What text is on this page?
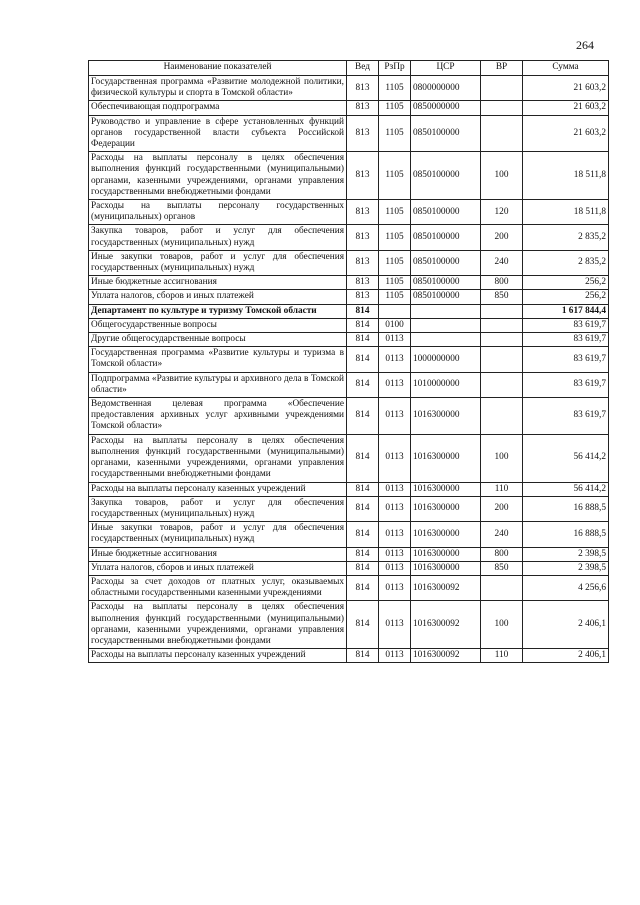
264
Наименование показателей	Вед	РзПр	ЦСР	ВР	Сумма
Государственная программа «Развитие молодежной политики, физической культуры и спорта в Томской области»	813	1105	0800000000		21 603,2
Обеспечивающая подпрограмма	813	1105	0850000000		21 603,2
Руководство и управление в сфере установленных функций органов государственной власти субъекта Российской Федерации	813	1105	0850100000		21 603,2
Расходы на выплаты персоналу в целях обеспечения выполнения функций государственными (муниципальными) органами, казенными учреждениями, органами управления государственными внебюджетными фондами	813	1105	0850100000	100	18 511,8
Расходы на выплаты персоналу государственных (муниципальных) органов	813	1105	0850100000	120	18 511,8
Закупка товаров, работ и услуг для обеспечения государственных (муниципальных) нужд	813	1105	0850100000	200	2 835,2
Иные закупки товаров, работ и услуг для обеспечения государственных (муниципальных) нужд	813	1105	0850100000	240	2 835,2
Иные бюджетные ассигнования	813	1105	0850100000	800	256,2
Уплата налогов, сборов и иных платежей	813	1105	0850100000	850	256,2
Департамент по культуре и туризму Томской области	814				1 617 844,4
Общегосударственные вопросы	814	0100			83 619,7
Другие общегосударственные вопросы	814	0113			83 619,7
Государственная программа «Развитие культуры и туризма в Томской области»	814	0113	1000000000		83 619,7
Подпрограмма «Развитие культуры и архивного дела в Томской области»	814	0113	1010000000		83 619,7
Ведомственная целевая программа «Обеспечение предоставления архивных услуг архивными учреждениями Томской области»	814	0113	1016300000		83 619,7
Расходы на выплаты персоналу в целях обеспечения выполнения функций государственными (муниципальными) органами, казенными учреждениями, органами управления государственными внебюджетными фондами	814	0113	1016300000	100	56 414,2
Расходы на выплаты персоналу казенных учреждений	814	0113	1016300000	110	56 414,2
Закупка товаров, работ и услуг для обеспечения государственных (муниципальных) нужд	814	0113	1016300000	200	16 888,5
Иные закупки товаров, работ и услуг для обеспечения государственных (муниципальных) нужд	814	0113	1016300000	240	16 888,5
Иные бюджетные ассигнования	814	0113	1016300000	800	2 398,5
Уплата налогов, сборов и иных платежей	814	0113	1016300000	850	2 398,5
Расходы за счет доходов от платных услуг, оказываемых областными государственными казенными учреждениями	814	0113	1016300092		4 256,6
Расходы на выплаты персоналу в целях обеспечения выполнения функций государственными (муниципальными) органами, казенными учреждениями, органами управления государственными внебюджетными фондами	814	0113	1016300092	100	2 406,1
Расходы на выплаты персоналу казенных учреждений	814	0113	1016300092	110	2 406,1
